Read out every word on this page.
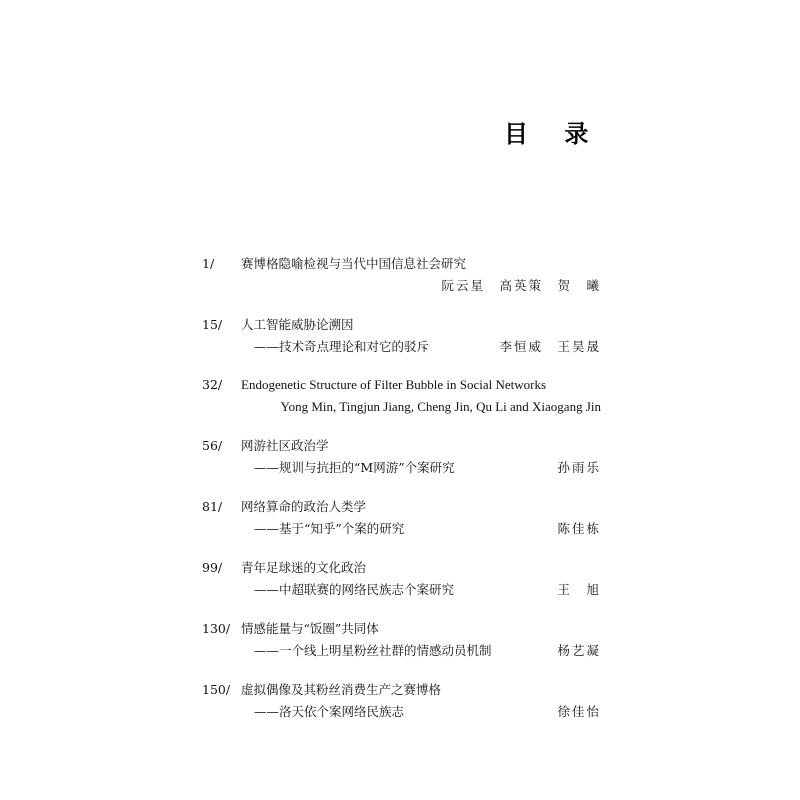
目 录
1/ 赛博格隐喻检视与当代中国信息社会研究
阮云星　高英策　贺　曦
15/ 人工智能威胁论溯因
——技术奇点理论和对它的驳斥	李恒威　王昊晟
32/ Endogenetic Structure of Filter Bubble in Social Networks
Yong Min, Tingjun Jiang, Cheng Jin, Qu Li and Xiaogang Jin
56/ 网游社区政治学
——规训与抗拒的“M网游”个案研究	孙雨乐
81/ 网络算命的政治人类学
——基于“知乎”个案的研究	陈佳栋
99/ 青年足球迷的文化政治
——中超联赛的网络民族志个案研究	王　旭
130/ 情感能量与“饭圈”共同体
——一个线上明星粉丝社群的情感动员机制	杨艺凝
150/ 虚拟偶像及其粉丝消费生产之赛博格
——洛天依个案网络民族志	徐佳怡
